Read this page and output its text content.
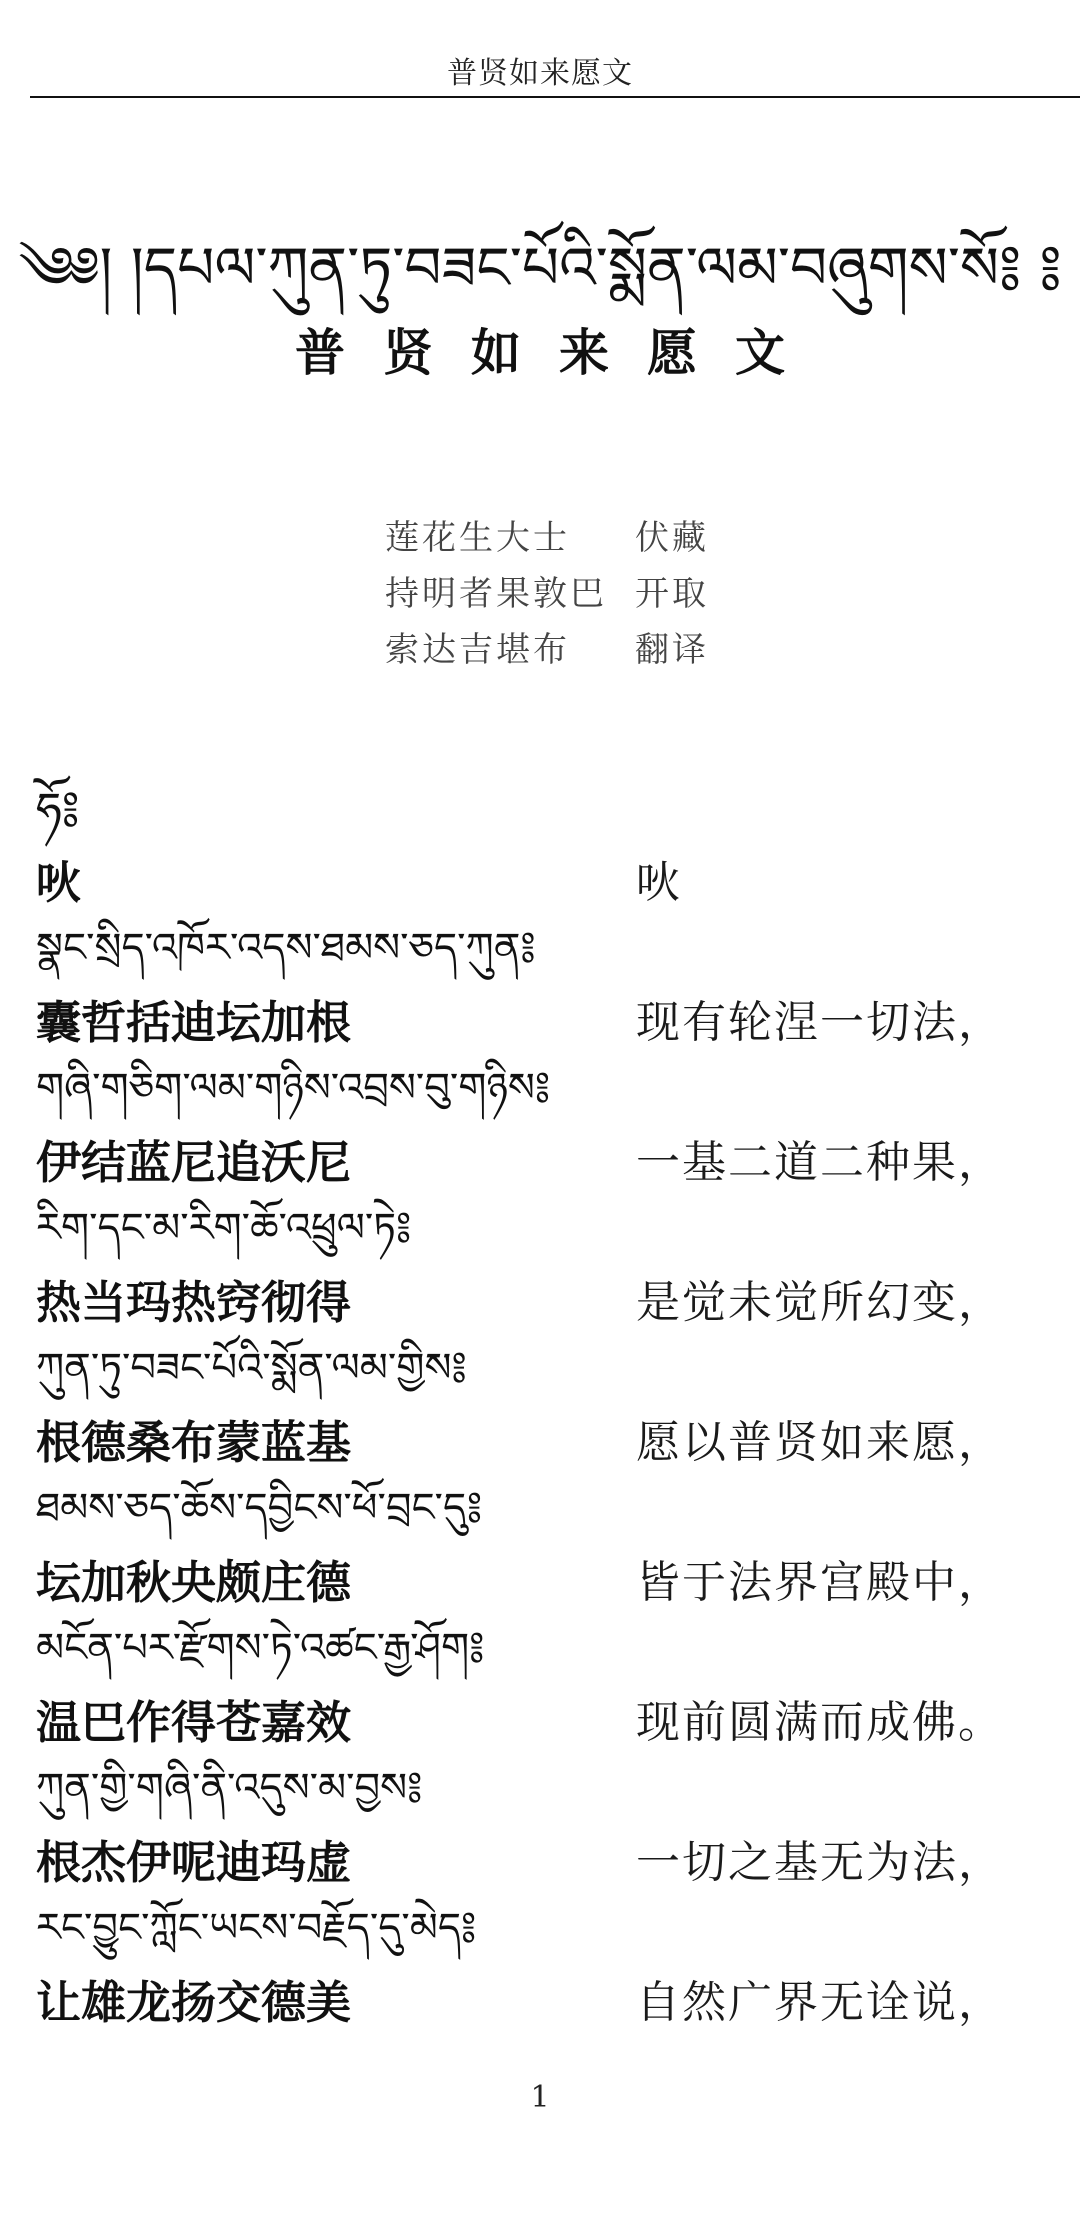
普贤如来愿文
༄༅། །དཔལ་ཀུན་ཏུ་བཟང་པོའི་སྨོན་ལམ་བཞུགས་སོ༔ ༔
普贤如来愿文
莲花生大士	伏藏
持明者果敦巴 开取
索达吉堪布	翻译
ཧོ༔
吙	吙
སྣང་སྲིད་འཁོར་འདས་ཐམས་ཅད་ཀུན༔
囊哲括迪坛加根	现有轮涅一切法，
གཞི་གཅིག་ལམ་གཉིས་འབྲས་བུ་གཉིས༔
伊结蓝尼追沃尼	一基二道二种果，
རིག་དང་མ་རིག་ཆོ་འཕྲུལ་ཏེ༔
热当玛热窍彻得	是觉未觉所幻变，
ཀུན་ཏུ་བཟང་པོའི་སྨོན་ལམ་གྱིས༔
根德桑布蒙蓝基	愿以普贤如来愿，
ཐམས་ཅད་ཆོས་དབྱིངས་ཕོ་བྲང་དུ༔
坛加秋央颇庄德	皆于法界宫殿中，
མངོན་པར་རྫོགས་ཏེ་འཚང་རྒྱ་ཤོག༔
温巴作得苍嘉效	现前圆满而成佛。
ཀུན་གྱི་གཞི་ནི་འདུས་མ་བྱས༔
根杰伊呢迪玛虚	一切之基无为法，
རང་བྱུང་ཀློང་ཡངས་བརྗོད་དུ་མེད༔
让雄龙扬交德美	自然广界无诠说，
1
